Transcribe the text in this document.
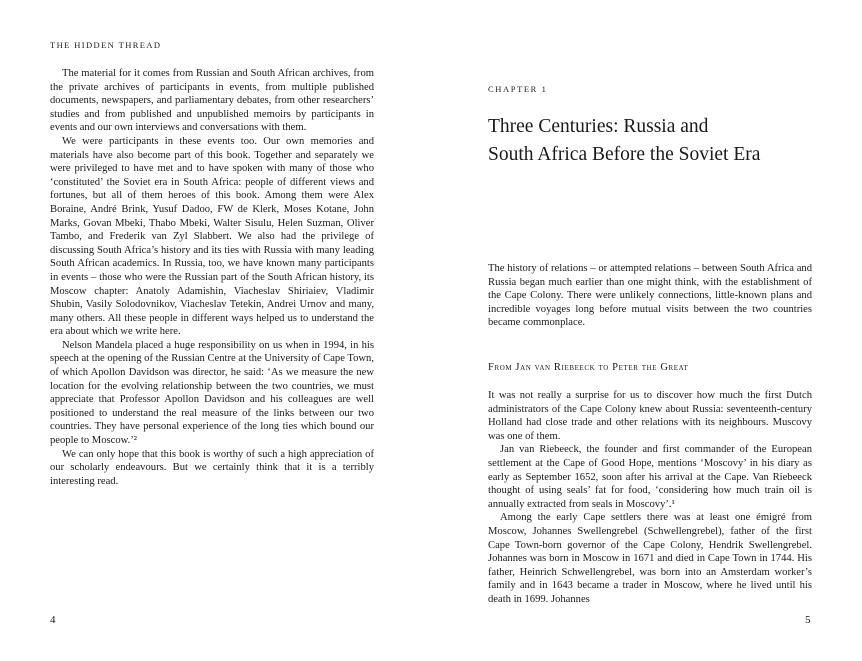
THE HIDDEN THREAD

The material for it comes from Russian and South African archives, from the private archives of participants in events, from multiple published documents, newspapers, and parliamentary debates, from other researchers’ studies and from published and unpublished memoirs by participants in events and our own interviews and conversations with them.

We were participants in these events too. Our own memories and materials have also become part of this book. Together and separately we were privileged to have met and to have spoken with many of those who ‘constituted’ the Soviet era in South Africa: people of different views and fortunes, but all of them heroes of this book. Among them were Alex Boraine, André Brink, Yusuf Dadoo, FW de Klerk, Moses Kotane, John Marks, Govan Mbeki, Thabo Mbeki, Walter Sisulu, Helen Suzman, Oliver Tambo, and Frederik van Zyl Slabbert. We also had the privilege of discussing South Africa’s history and its ties with Russia with many leading South African academics. In Russia, too, we have known many participants in events – those who were the Russian part of the South African history, its Moscow chapter: Anatoly Adamishin, Viacheslav Shiriaiev, Vladimir Shubin, Vasily Solodovnikov, Viacheslav Tetekin, Andrei Urnov and many, many others. All these people in different ways helped us to understand the era about which we write here.

Nelson Mandela placed a huge responsibility on us when in 1994, in his speech at the opening of the Russian Centre at the University of Cape Town, of which Apollon Davidson was director, he said: ‘As we measure the new location for the evolving relationship between the two countries, we must appreciate that Professor Apollon Davidson and his colleagues are well positioned to understand the real measure of the links between our two countries. They have personal experience of the long ties which bound our people to Moscow.’²

We can only hope that this book is worthy of such a high appreciation of our scholarly endeavours. But we certainly think that it is a terribly interesting read.

4
CHAPTER 1
Three Centuries: Russia and
South Africa Before the Soviet Era

The history of relations – or attempted relations – between South Africa and Russia began much earlier than one might think, with the establishment of the Cape Colony. There were unlikely connections, little-known plans and incredible voyages long before mutual visits between the two countries became commonplace.

From Jan van Riebeeck to Peter the Great

It was not really a surprise for us to discover how much the first Dutch administrators of the Cape Colony knew about Russia: seventeenth-century Holland had close trade and other relations with its neighbours. Muscovy was one of them.

Jan van Riebeeck, the founder and first commander of the European settlement at the Cape of Good Hope, mentions ‘Moscovy’ in his diary as early as September 1652, soon after his arrival at the Cape. Van Riebeeck thought of using seals’ fat for food, ‘considering how much train oil is annually extracted from seals in Moscovy’.¹

Among the early Cape settlers there was at least one émigré from Moscow, Johannes Swellengrebel (Schwellengrebel), father of the first Cape Town-born governor of the Cape Colony, Hendrik Swellengrebel. Johannes was born in Moscow in 1671 and died in Cape Town in 1744. His father, Heinrich Schwellengrebel, was born into an Amsterdam worker’s family and in 1643 became a trader in Moscow, where he lived until his death in 1699. Johannes

5
